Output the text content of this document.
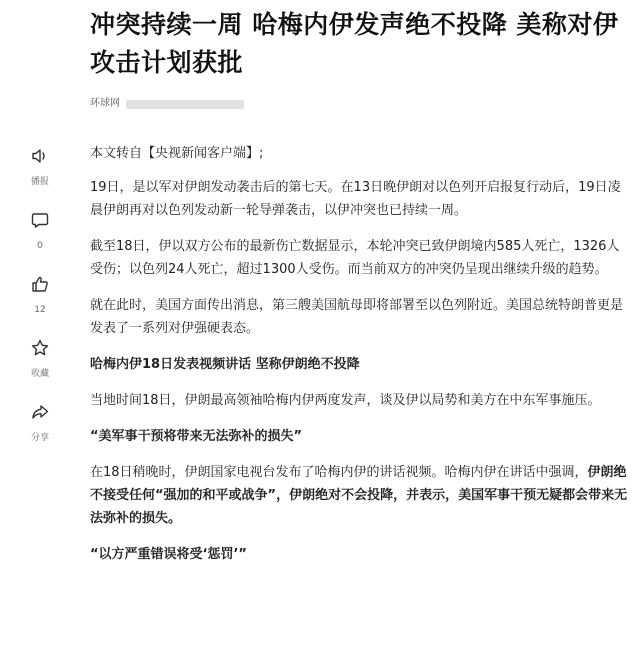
冲突持续一周 哈梅内伊发声绝不投降 美称对伊攻击计划获批
环球网
播报
0
12
收藏
分享

本文转自【央视新闻客户端】;

19日，是以军对伊朗发动袭击后的第七天。在13日晚伊朗对以色列开启报复行动后，19日凌晨伊朗再对以色列发动新一轮导弹袭击，以伊冲突也已持续一周。

截至18日，伊以双方公布的最新伤亡数据显示，本轮冲突已致伊朗境内585人死亡，1326人受伤；以色列24人死亡，超过1300人受伤。而当前双方的冲突仍呈现出继续升级的趋势。

就在此时，美国方面传出消息，第三艘美国航母即将部署至以色列附近。美国总统特朗普更是发表了一系列对伊强硬表态。

哈梅内伊18日发表视频讲话 坚称伊朗绝不投降

当地时间18日，伊朗最高领袖哈梅内伊两度发声，谈及伊以局势和美方在中东军事施压。

“美军事干预将带来无法弥补的损失”

在18日稍晚时，伊朗国家电视台发布了哈梅内伊的讲话视频。哈梅内伊在讲话中强调，伊朗绝不接受任何“强加的和平或战争”，伊朗绝对不会投降，并表示，美国军事干预无疑都会带来无法弥补的损失。

“以方严重错误将受‘惩罚’”
